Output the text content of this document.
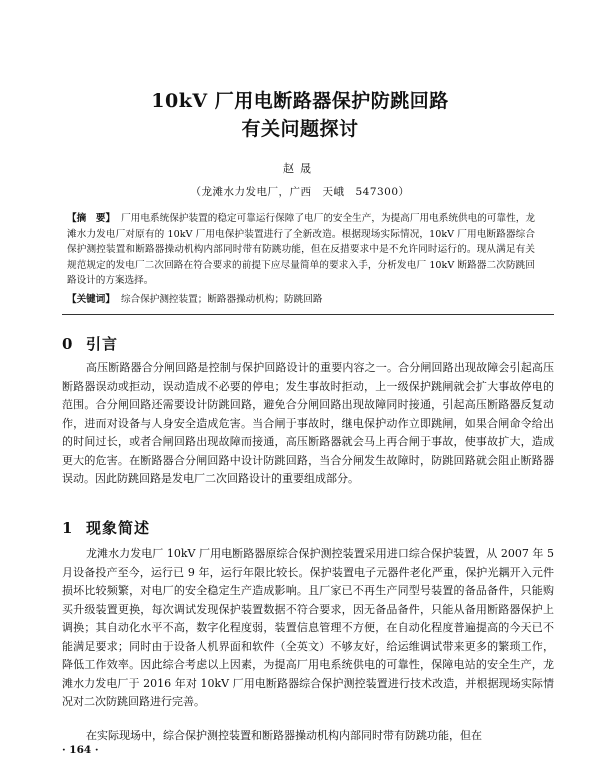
10kV 厂用电断路器保护防跳回路
有关问题探讨
赵晟
（龙滩水力发电厂，广西　天峨　547300）
【摘　要】 厂用电系统保护装置的稳定可靠运行保障了电厂的安全生产，为提高厂用电系统供电的可靠性，龙滩水力发电厂对原有的 10kV 厂用电保护装置进行了全新改造。根据现场实际情况，10kV 厂用电断路器综合保护测控装置和断路器操动机构内部同时带有防跳功能，但在反措要求中是不允许同时运行的。现从满足有关规范规定的发电厂二次回路在符合要求的前提下应尽量简单的要求入手，分析发电厂 10kV 断路器二次防跳回路设计的方案选择。
【关键词】 综合保护测控装置；断路器操动机构；防跳回路
0 引言
高压断路器合分闸回路是控制与保护回路设计的重要内容之一。合分闸回路出现故障会引起高压断路器误动或拒动，误动造成不必要的停电；发生事故时拒动，上一级保护跳闸就会扩大事故停电的范围。合分闸回路还需要设计防跳回路，避免合分闸回路出现故障同时接通，引起高压断路器反复动作，进而对设备与人身安全造成危害。当合闸于事故时，继电保护动作立即跳闸，如果合闸命令给出的时间过长，或者合闸回路出现故障而接通，高压断路器就会马上再合闸于事故，使事故扩大，造成更大的危害。在断路器合分闸回路中设计防跳回路，当合分闸发生故障时，防跳回路就会阻止断路器误动。因此防跳回路是发电厂二次回路设计的重要组成部分。
1 现象简述
龙滩水力发电厂 10kV 厂用电断路器原综合保护测控装置采用进口综合保护装置，从 2007 年 5 月设备投产至今，运行已 9 年，运行年限比较长。保护装置电子元器件老化严重，保护光耦开入元件损坏比较频繁，对电厂的安全稳定生产造成影响。且厂家已不再生产同型号装置的备品备件，只能购买升级装置更换，每次调试发现保护装置数据不符合要求，因无备品备件，只能从备用断路器保护上调换；其自动化水平不高，数字化程度弱，装置信息管理不方便，在自动化程度普遍提高的今天已不能满足要求；同时由于设备人机界面和软件（全英文）不够友好，给运维调试带来更多的繁琐工作，降低工作效率。因此综合考虑以上因素，为提高厂用电系统供电的可靠性，保障电站的安全生产，龙滩水力发电厂于 2016 年对 10kV 厂用电断路器综合保护测控装置进行技术改造，并根据现场实际情况对二次防跳回路进行完善。
在实际现场中，综合保护测控装置和断路器操动机构内部同时带有防跳功能，但在
· 164 ·
